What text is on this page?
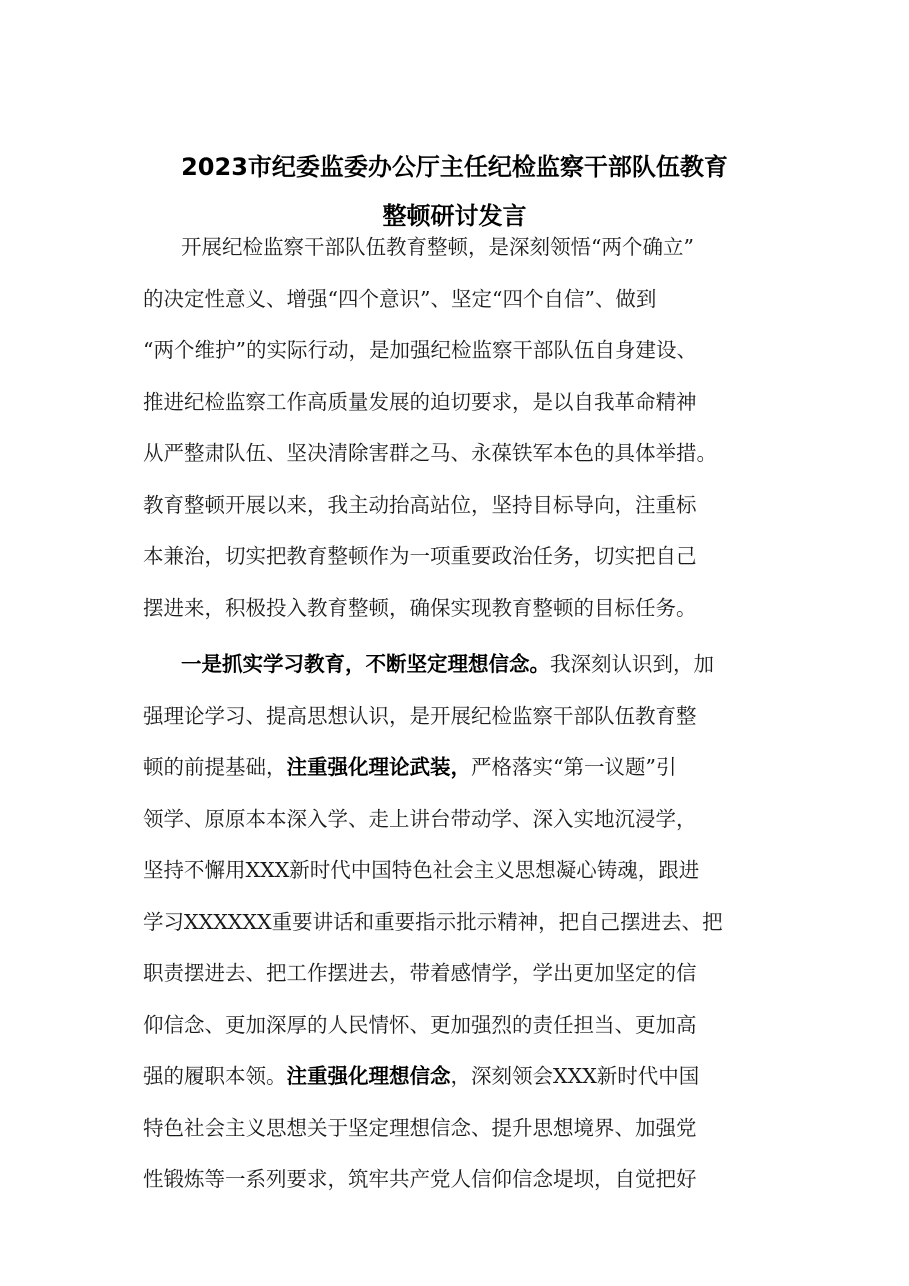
2023市纪委监委办公厅主任纪检监察干部队伍教育
整顿研讨发言
开展纪检监察干部队伍教育整顿，是深刻领悟“两个确立”
的决定性意义、增强“四个意识”、坚定“四个自信”、做到
“两个维护”的实际行动，是加强纪检监察干部队伍自身建设、
推进纪检监察工作高质量发展的迫切要求，是以自我革命精神
从严整肃队伍、坚决清除害群之马、永葆铁军本色的具体举措。
教育整顿开展以来，我主动抬高站位，坚持目标导向，注重标
本兼治，切实把教育整顿作为一项重要政治任务，切实把自己
摆进来，积极投入教育整顿，确保实现教育整顿的目标任务。
一是抓实学习教育，不断坚定理想信念。我深刻认识到，加
强理论学习、提高思想认识，是开展纪检监察干部队伍教育整
顿的前提基础，注重强化理论武装，严格落实“第一议题”引
领学、原原本本深入学、走上讲台带动学、深入实地沉浸学，
坚持不懈用XXX新时代中国特色社会主义思想凝心铸魂，跟进
学习XXXXXX重要讲话和重要指示批示精神，把自己摆进去、把
职责摆进去、把工作摆进去，带着感情学，学出更加坚定的信
仰信念、更加深厚的人民情怀、更加强烈的责任担当、更加高
强的履职本领。注重强化理想信念，深刻领会XXX新时代中国
特色社会主义思想关于坚定理想信念、提升思想境界、加强党
性锻炼等一系列要求，筑牢共产党人信仰信念堤坝，自觉把好
